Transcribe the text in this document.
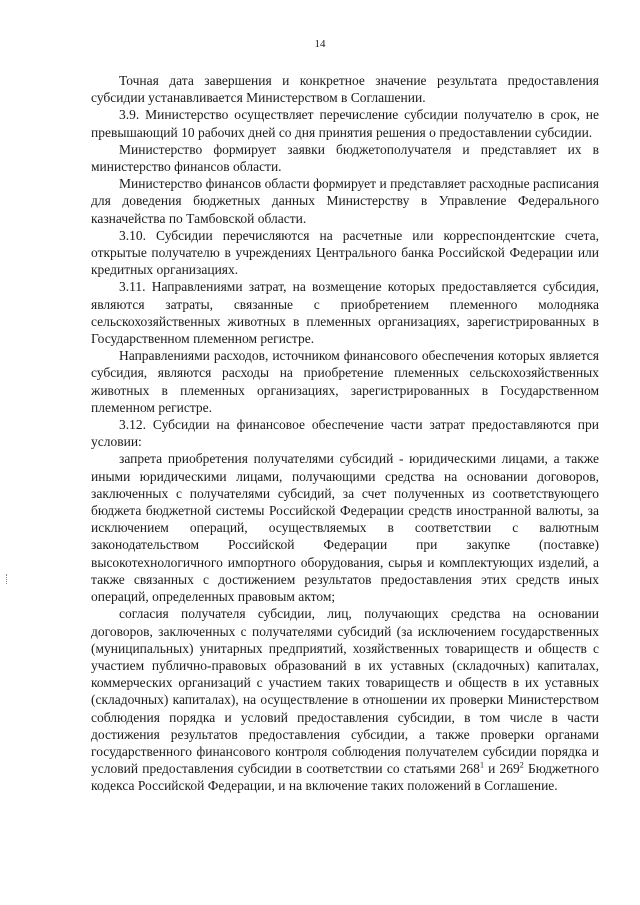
14

Точная дата завершения и конкретное значение результата предоставления субсидии устанавливается Министерством в Соглашении.

3.9. Министерство осуществляет перечисление субсидии получателю в срок, не превышающий 10 рабочих дней со дня принятия решения о предоставлении субсидии.

Министерство формирует заявки бюджетополучателя и представляет их в министерство финансов области.

Министерство финансов области формирует и представляет расходные расписания для доведения бюджетных данных Министерству в Управление Федерального казначейства по Тамбовской области.

3.10. Субсидии перечисляются на расчетные или корреспондентские счета, открытые получателю в учреждениях Центрального банка Российской Федерации или кредитных организациях.

3.11. Направлениями затрат, на возмещение которых предоставляется субсидия, являются затраты, связанные с приобретением племенного молодняка сельскохозяйственных животных в племенных организациях, зарегистрированных в Государственном племенном регистре.

Направлениями расходов, источником финансового обеспечения которых является субсидия, являются расходы на приобретение племенных сельскохозяйственных животных в племенных организациях, зарегистрированных в Государственном племенном регистре.

3.12. Субсидии на финансовое обеспечение части затрат предоставляются при условии:

запрета приобретения получателями субсидий - юридическими лицами, а также иными юридическими лицами, получающими средства на основании договоров, заключенных с получателями субсидий, за счет полученных из соответствующего бюджета бюджетной системы Российской Федерации средств иностранной валюты, за исключением операций, осуществляемых в соответствии с валютным законодательством Российской Федерации при закупке (поставке) высокотехнологичного импортного оборудования, сырья и комплектующих изделий, а также связанных с достижением результатов предоставления этих средств иных операций, определенных правовым актом;

согласия получателя субсидии, лиц, получающих средства на основании договоров, заключенных с получателями субсидий (за исключением государственных (муниципальных) унитарных предприятий, хозяйственных товариществ и обществ с участием публично-правовых образований в их уставных (складочных) капиталах, коммерческих организаций с участием таких товариществ и обществ в их уставных (складочных) капиталах), на осуществление в отношении их проверки Министерством соблюдения порядка и условий предоставления субсидии, в том числе в части достижения результатов предоставления субсидии, а также проверки органами государственного финансового контроля соблюдения получателем субсидии порядка и условий предоставления субсидии в соответствии со статьями $268^1$ и $269^2$ Бюджетного кодекса Российской Федерации, и на включение таких положений в Соглашение.
